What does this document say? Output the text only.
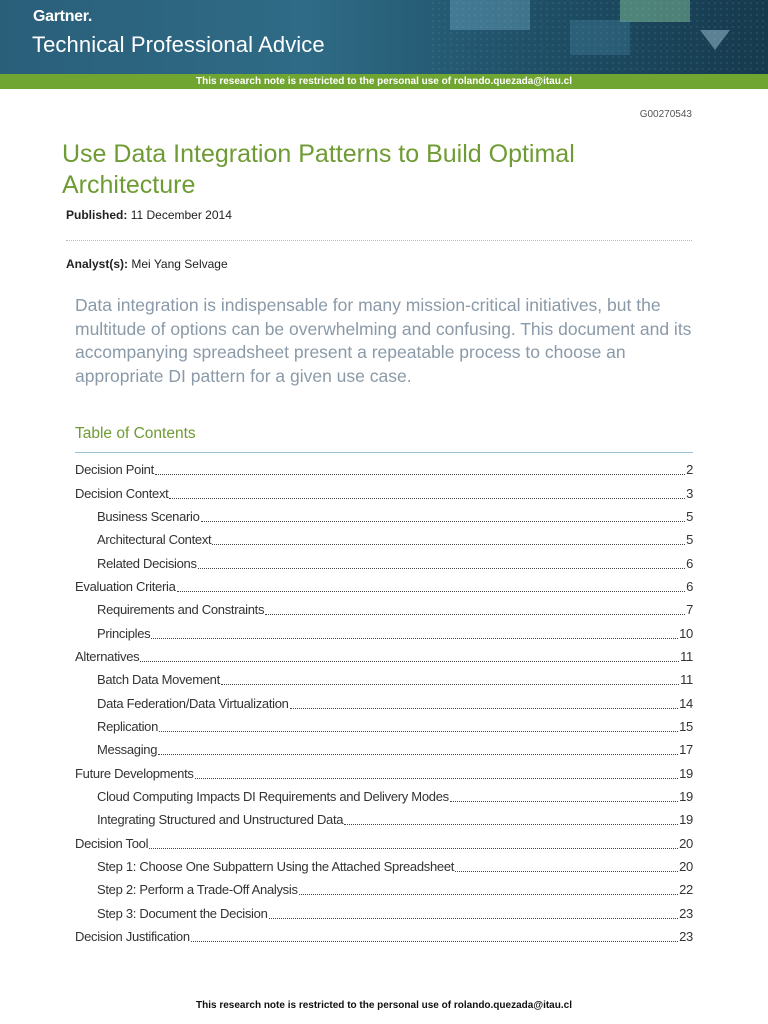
Gartner.
Technical Professional Advice
This research note is restricted to the personal use of rolando.quezada@itau.cl
G00270543
Use Data Integration Patterns to Build Optimal Architecture
Published: 11 December 2014
Analyst(s): Mei Yang Selvage

Data integration is indispensable for many mission-critical initiatives, but the multitude of options can be overwhelming and confusing. This document and its accompanying spreadsheet present a repeatable process to choose an appropriate DI pattern for a given use case.

Table of Contents
Decision Point	2
Decision Context	3
Business Scenario	5
Architectural Context	5
Related Decisions	6
Evaluation Criteria	6
Requirements and Constraints	7
Principles	10
Alternatives	11
Batch Data Movement	11
Data Federation/Data Virtualization	14
Replication	15
Messaging	17
Future Developments	19
Cloud Computing Impacts DI Requirements and Delivery Modes	19
Integrating Structured and Unstructured Data	19
Decision Tool	20
Step 1: Choose One Subpattern Using the Attached Spreadsheet	20
Step 2: Perform a Trade-Off Analysis	22
Step 3: Document the Decision	23
Decision Justification	23
This research note is restricted to the personal use of rolando.quezada@itau.cl
